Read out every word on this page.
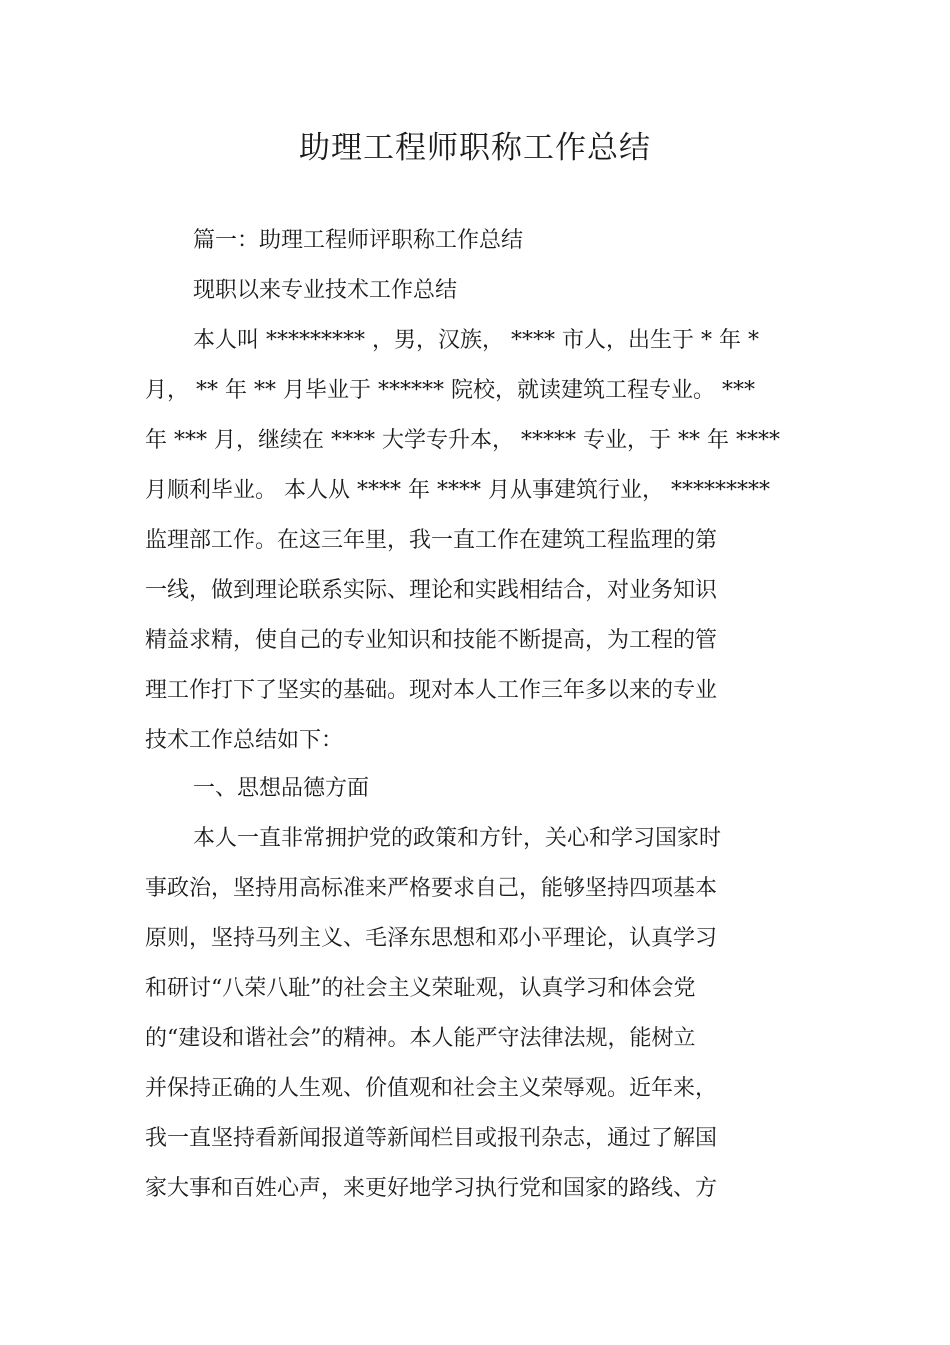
助理工程师职称工作总结
篇一：助理工程师评职称工作总结
现职以来专业技术工作总结
本人叫 ********* ，男，汉族， **** 市人，出生于 * 年 *
月， ** 年 ** 月毕业于 ****** 院校，就读建筑工程专业。 ***
年 *** 月，继续在 **** 大学专升本， ***** 专业，于 ** 年 ****
月顺利毕业。 本人从 **** 年 **** 月从事建筑行业， *********
监理部工作。在这三年里，我一直工作在建筑工程监理的第
一线，做到理论联系实际、理论和实践相结合，对业务知识
精益求精，使自己的专业知识和技能不断提高，为工程的管
理工作打下了坚实的基础。现对本人工作三年多以来的专业
技术工作总结如下：
一、思想品德方面
本人一直非常拥护党的政策和方针，关心和学习国家时
事政治，坚持用高标准来严格要求自己，能够坚持四项基本
原则，坚持马列主义、毛泽东思想和邓小平理论，认真学习
和研讨“八荣八耻”的社会主义荣耻观，认真学习和体会党
的“建设和谐社会”的精神。本人能严守法律法规，能树立
并保持正确的人生观、价值观和社会主义荣辱观。近年来，
我一直坚持看新闻报道等新闻栏目或报刊杂志，通过了解国
家大事和百姓心声，来更好地学习执行党和国家的路线、方
